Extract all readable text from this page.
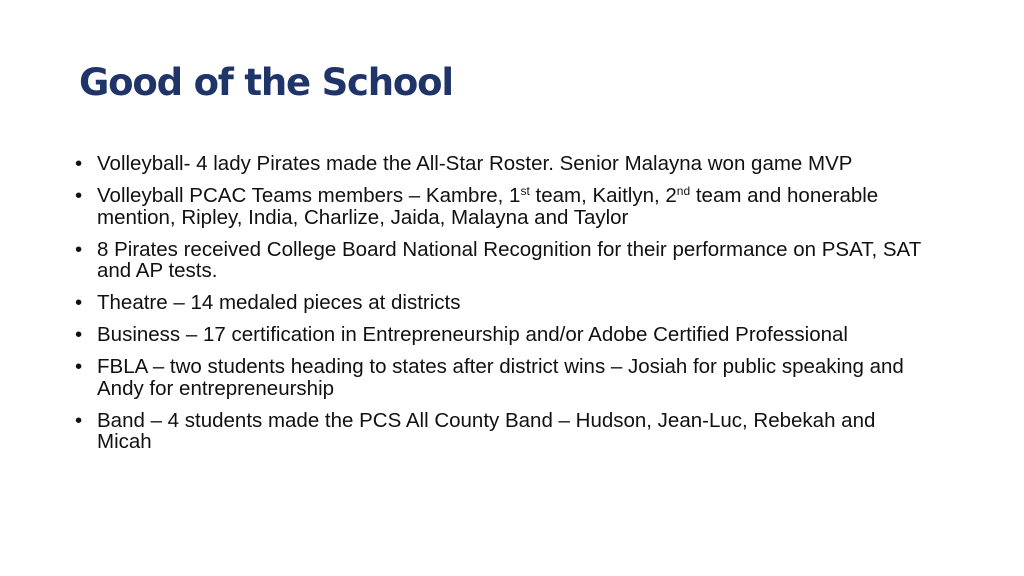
Good of the School
• Volleyball- 4 lady Pirates made the All-Star Roster. Senior Malayna won game MVP
• Volleyball PCAC Teams members – Kambre, 1st team, Kaitlyn, 2nd team and honerable mention, Ripley, India, Charlize, Jaida, Malayna and Taylor
• 8 Pirates received College Board National Recognition for their performance on PSAT, SAT and AP tests.
• Theatre – 14 medaled pieces at districts
• Business – 17 certification in Entrepreneurship and/or Adobe Certified Professional
• FBLA – two students heading to states after district wins – Josiah for public speaking and Andy for entrepreneurship
• Band – 4 students made the PCS All County Band – Hudson, Jean-Luc, Rebekah and Micah
